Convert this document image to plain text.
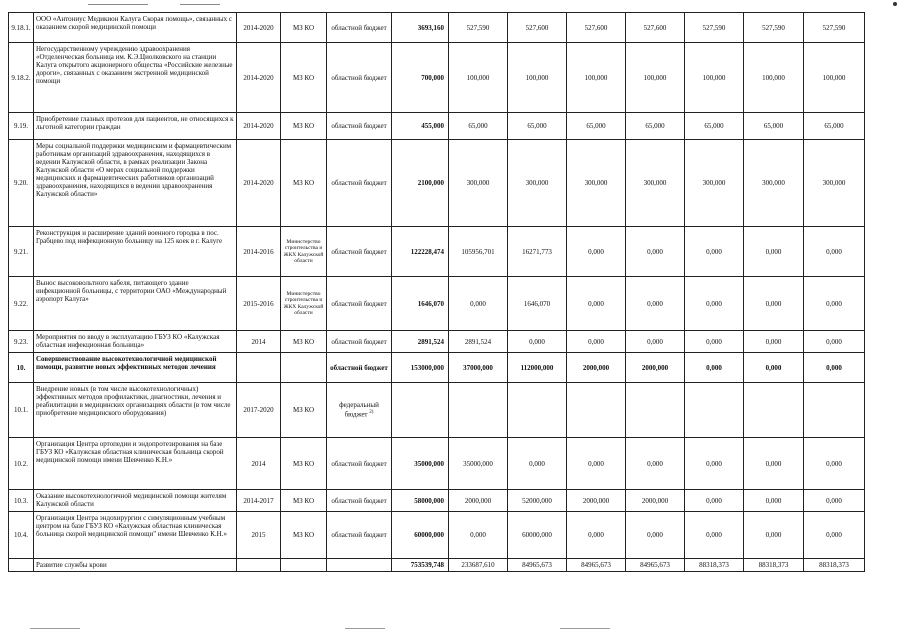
9.18.1.	ООО «Антониус Медикион Калуга Скорая помощь», связанных с оказанием скорой медицинской помощи	2014-2020	МЗ КО	областной бюджет	3693,160	527,590	527,600	527,600	527,600	527,590	527,590	527,590
9.18.2.	Негосударственному учреждению здравоохранения «Отделенческая больница им. К.Э.Циолковского на станции Калуга открытого акционерного общества «Российские железные дороги», связанных с оказанием экстренной медицинской помощи	2014-2020	МЗ КО	областной бюджет	700,000	100,000	100,000	100,000	100,000	100,000	100,000	100,000
9.19.	Приобретение глазных протезов для пациентов, не относящихся к льготной категории граждан	2014-2020	МЗ КО	областной бюджет	455,000	65,000	65,000	65,000	65,000	65,000	65,000	65,000
9.20.	Меры социальной поддержки медицинским и фармацевтическим работникам организаций здравоохранения, находящихся в ведении Калужской области, в рамках реализации Закона Калужской области «О мерах социальной поддержки медицинских и фармацевтических работников организаций здравоохранения, находящихся в ведении здравоохранения Калужской области»	2014-2020	МЗ КО	областной бюджет	2100,000	300,000	300,000	300,000	300,000	300,000	300,000	300,000
9.21.	Реконструкция и расширение зданий военного городка в пос. Грабцево под инфекционную больницу на 125 коек в г. Калуге	2014-2016	Министерство строительства и ЖКХ Калужской области	областной бюджет	122228,474	105956,701	16271,773	0,000	0,000	0,000	0,000	0,000
9.22.	Вынос высоковольтного кабеля, питающего здание инфекционной больницы, с территории ОАО «Международный аэропорт Калуга»	2015-2016	Министерство строительства и ЖКХ Калужской области	областной бюджет	1646,070	0,000	1646,070	0,000	0,000	0,000	0,000	0,000
9.23.	Мероприятия по вводу в эксплуатацию ГБУЗ КО «Калужская областная инфекционная больница»	2014	МЗ КО	областной бюджет	2891,524	2891,524	0,000	0,000	0,000	0,000	0,000	0,000
10.	Совершенствование высокотехнологичной медицинской помощи, развитие новых эффективных методов лечения			областной бюджет	153000,000	37000,000	112000,000	2000,000	2000,000	0,000	0,000	0,000
10.1.	Внедрение новых (в том числе высокотехнологичных) эффективных методов профилактики, диагностики, лечения и реабилитации в медицинских организациях области (в том числе приобретение медицинского оборудования)	2017-2020	МЗ КО	федеральный бюджет $^{2)}$								
10.2.	Организация Центра ортопедии и эндопротезирования на базе ГБУЗ КО «Калужская областная клиническая больница скорой медицинской помощи имени Шевченко К.Н.»	2014	МЗ КО	областной бюджет	35000,000	35000,000	0,000	0,000	0,000	0,000	0,000	0,000
10.3.	Оказание высокотехнологичной медицинской помощи жителям Калужской области	2014-2017	МЗ КО	областной бюджет	58000,000	2000,000	52000,000	2000,000	2000,000	0,000	0,000	0,000
10.4.	Организация Центра эндохирургии с симуляционным учебным центром на базе ГБУЗ КО «Калужская областная клиническая больница скорой медицинской помощи" имени Шевченко К.Н.»	2015	МЗ КО	областной бюджет	60000,000	0,000	60000,000	0,000	0,000	0,000	0,000	0,000
	Развитие службы крови				753539,748	233687,610	84965,673	84965,673	84965,673	88318,373	88318,373	88318,373
